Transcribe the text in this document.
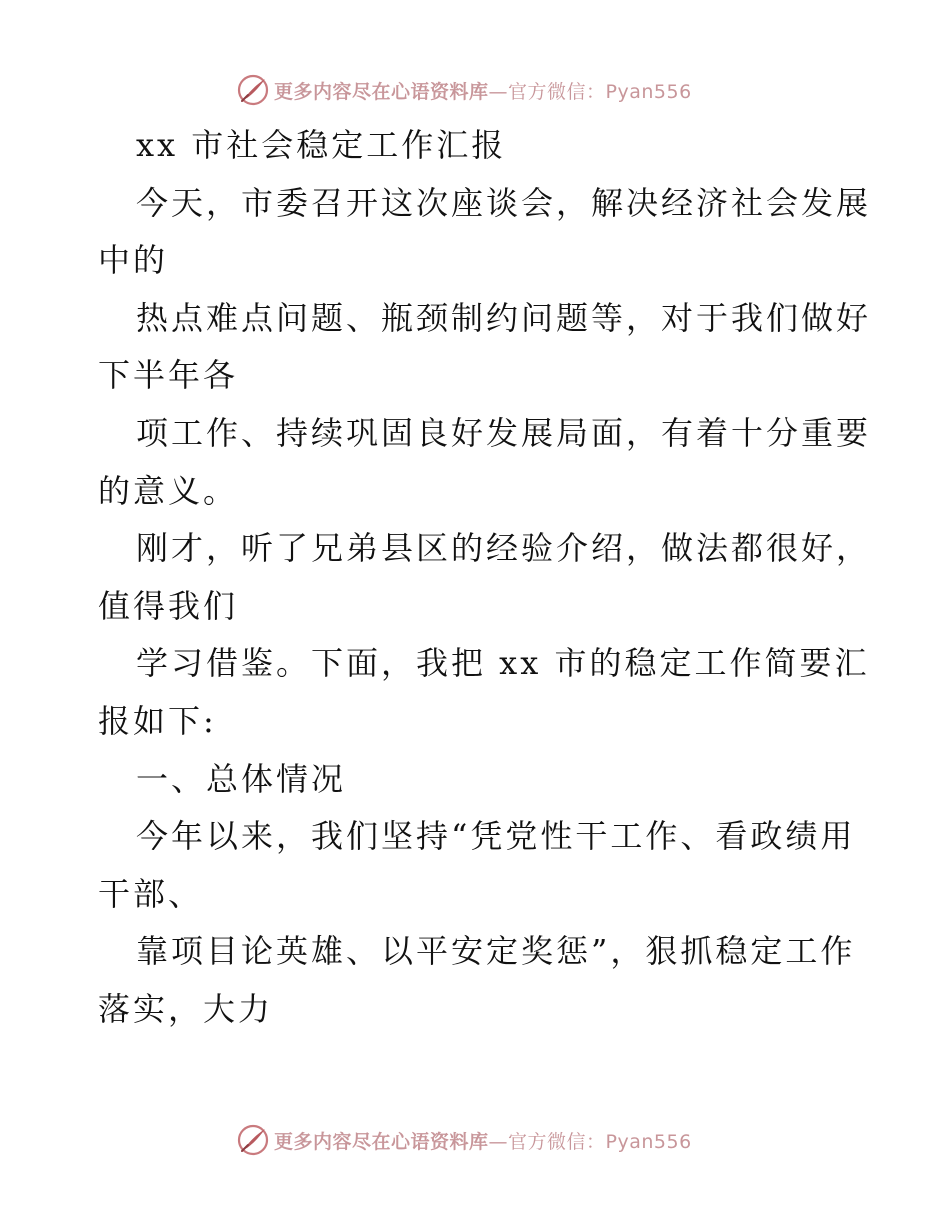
更多内容尽在心语资料库—官方微信：Pyan556
xx 市社会稳定工作汇报
今天，市委召开这次座谈会，解决经济社会发展
中的
热点难点问题、瓶颈制约问题等，对于我们做好
下半年各
项工作、持续巩固良好发展局面，有着十分重要
的意义。
刚才，听了兄弟县区的经验介绍，做法都很好，
值得我们
学习借鉴。下面，我把 xx 市的稳定工作简要汇
报如下:
一、总体情况
今年以来，我们坚持“凭党性干工作、看政绩用
干部、
靠项目论英雄、以平安定奖惩”，狠抓稳定工作
落实，大力
更多内容尽在心语资料库—官方微信：Pyan556
